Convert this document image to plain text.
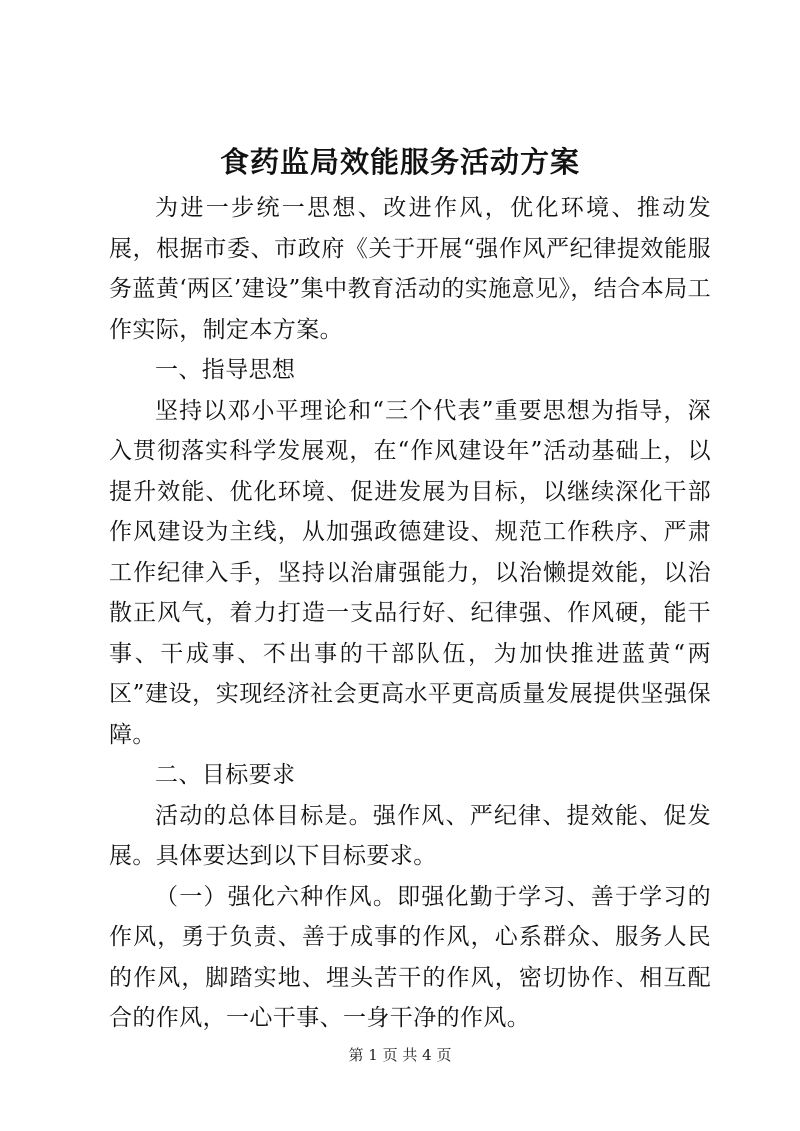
食药监局效能服务活动方案

为进一步统一思想、改进作风，优化环境、推动发展，根据市委、市政府《关于开展“强作风严纪律提效能服务蓝黄‘两区’建设”集中教育活动的实施意见》，结合本局工作实际，制定本方案。

一、指导思想

坚持以邓小平理论和“三个代表”重要思想为指导，深入贯彻落实科学发展观，在“作风建设年”活动基础上，以提升效能、优化环境、促进发展为目标，以继续深化干部作风建设为主线，从加强政德建设、规范工作秩序、严肃工作纪律入手，坚持以治庸强能力，以治懒提效能，以治散正风气，着力打造一支品行好、纪律强、作风硬，能干事、干成事、不出事的干部队伍，为加快推进蓝黄“两区”建设，实现经济社会更高水平更高质量发展提供坚强保障。

二、目标要求

活动的总体目标是。强作风、严纪律、提效能、促发展。具体要达到以下目标要求。

（一）强化六种作风。即强化勤于学习、善于学习的作风，勇于负责、善于成事的作风，心系群众、服务人民的作风，脚踏实地、埋头苦干的作风，密切协作、相互配合的作风，一心干事、一身干净的作风。

第 1 页 共 4 页
